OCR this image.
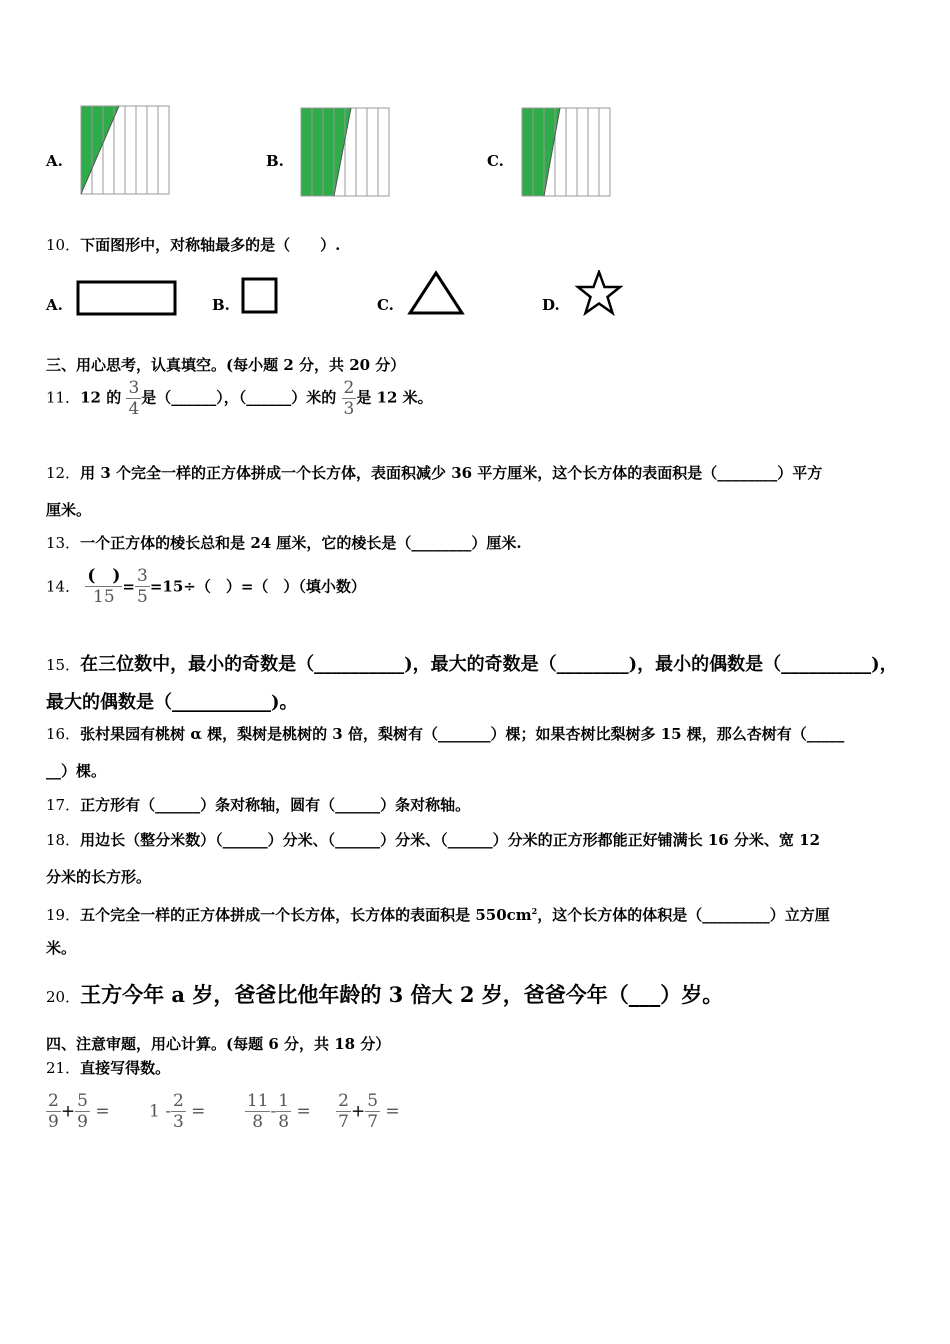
A.	B.	C.
10．下面图形中，对称轴最多的是（　　）.
A.	B.	C.	D.
三、用心思考，认真填空。(每小题 2 分，共 20 分）
11．12 的 $\frac{3}{4}$ 是（______），（______）米的 $\frac{2}{3}$ 是 12 米。
12．用 3 个完全一样的正方体拼成一个长方体，表面积减少 36 平方厘米，这个长方体的表面积是（________）平方
厘米。
13．一个正方体的棱长总和是 24 厘米，它的棱长是（________）厘米.
14． $\frac{( )}{15} = \frac{3}{5} =15\div$（　）=（　）（填小数）
15．在三位数中，最小的奇数是（__________)，最大的奇数是（________)，最小的偶数是（__________)，
最大的偶数是（___________)。
16．张村果园有桃树 α 棵，梨树是桃树的 3 倍，梨树有（_______）棵；如果杏树比梨树多 15 棵，那么杏树有（_____
__）棵。
17．正方形有（______）条对称轴，圆有（______）条对称轴。
18．用边长（整分米数）（______）分米、（______）分米、（______）分米的正方形都能正好铺满长 16 分米、宽 12
分米的长方形。
19．五个完全一样的正方体拼成一个长方体，长方体的表面积是 $550cm^2$，这个长方体的体积是（_________）立方厘
米。
20．王方今年 a 岁，爸爸比他年龄的 3 倍大 2 岁，爸爸今年（___）岁。
四、注意审题，用心计算。(每题 6 分，共 18 分）
21．直接写得数。
$\frac{2}{9} + \frac{5}{9} = 1 - \frac{2}{3} = \frac{11}{8} - \frac{1}{8} = \frac{2}{7} + \frac{5}{7}$ =
